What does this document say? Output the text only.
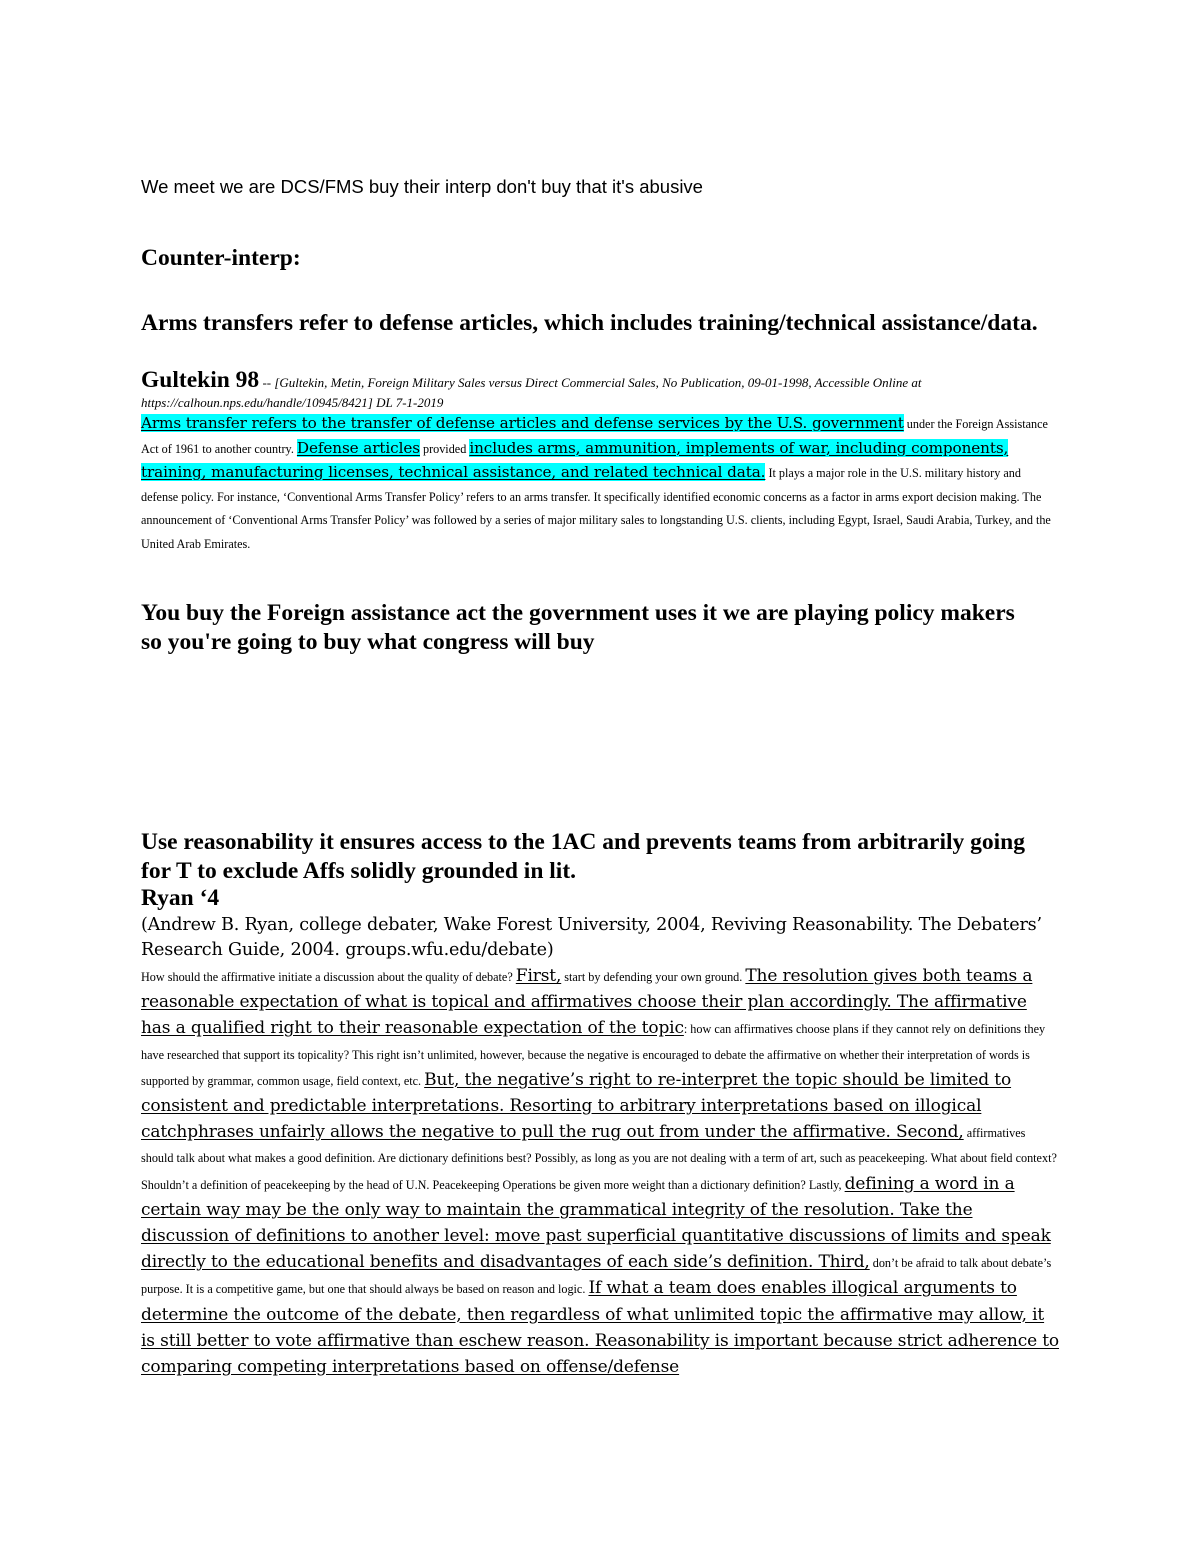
We meet we are DCS/FMS buy their interp don't buy that it's abusive
Counter-interp:
Arms transfers refer to defense articles, which includes training/technical assistance/data.
Gultekin 98 -- [Gultekin, Metin, Foreign Military Sales versus Direct Commercial Sales, No Publication, 09-01-1998, Accessible Online at https://calhoun.nps.edu/handle/10945/8421] DL 7-1-2019
Arms transfer refers to the transfer of defense articles and defense services by the U.S. government under the Foreign Assistance Act of 1961 to another country. Defense articles provided includes arms, ammunition, implements of war, including components, training, manufacturing licenses, technical assistance, and related technical data. It plays a major role in the U.S. military history and defense policy. For instance, ‘Conventional Arms Transfer Policy’ refers to an arms transfer. It specifically identified economic concerns as a factor in arms export decision making. The announcement of ‘Conventional Arms Transfer Policy’ was followed by a series of major military sales to longstanding U.S. clients, including Egypt, Israel, Saudi Arabia, Turkey, and the United Arab Emirates.
You buy the Foreign assistance act the government uses it we are playing policy makers so you're going to buy what congress will buy
Use reasonability it ensures access to the 1AC and prevents teams from arbitrarily going for T to exclude Affs solidly grounded in lit.
Ryan ‘4
(Andrew B. Ryan, college debater, Wake Forest University, 2004, Reviving Reasonability. The Debaters’ Research Guide, 2004. groups.wfu.edu/debate)
How should the affirmative initiate a discussion about the quality of debate? First, start by defending your own ground. The resolution gives both teams a reasonable expectation of what is topical and affirmatives choose their plan accordingly. The affirmative has a qualified right to their reasonable expectation of the topic: how can affirmatives choose plans if they cannot rely on definitions they have researched that support its topicality? This right isn’t unlimited, however, because the negative is encouraged to debate the affirmative on whether their interpretation of words is supported by grammar, common usage, field context, etc. But, the negative’s right to re-interpret the topic should be limited to consistent and predictable interpretations. Resorting to arbitrary interpretations based on illogical catchphrases unfairly allows the negative to pull the rug out from under the affirmative. Second, affirmatives should talk about what makes a good definition. Are dictionary definitions best? Possibly, as long as you are not dealing with a term of art, such as peacekeeping. What about field context? Shouldn’t a definition of peacekeeping by the head of U.N. Peacekeeping Operations be given more weight than a dictionary definition? Lastly, defining a word in a certain way may be the only way to maintain the grammatical integrity of the resolution. Take the discussion of definitions to another level: move past superficial quantitative discussions of limits and speak directly to the educational benefits and disadvantages of each side’s definition. Third, don’t be afraid to talk about debate’s purpose. It is a competitive game, but one that should always be based on reason and logic. If what a team does enables illogical arguments to determine the outcome of the debate, then regardless of what unlimited topic the affirmative may allow, it is still better to vote affirmative than eschew reason. Reasonability is important because strict adherence to comparing competing interpretations based on offense/defense
